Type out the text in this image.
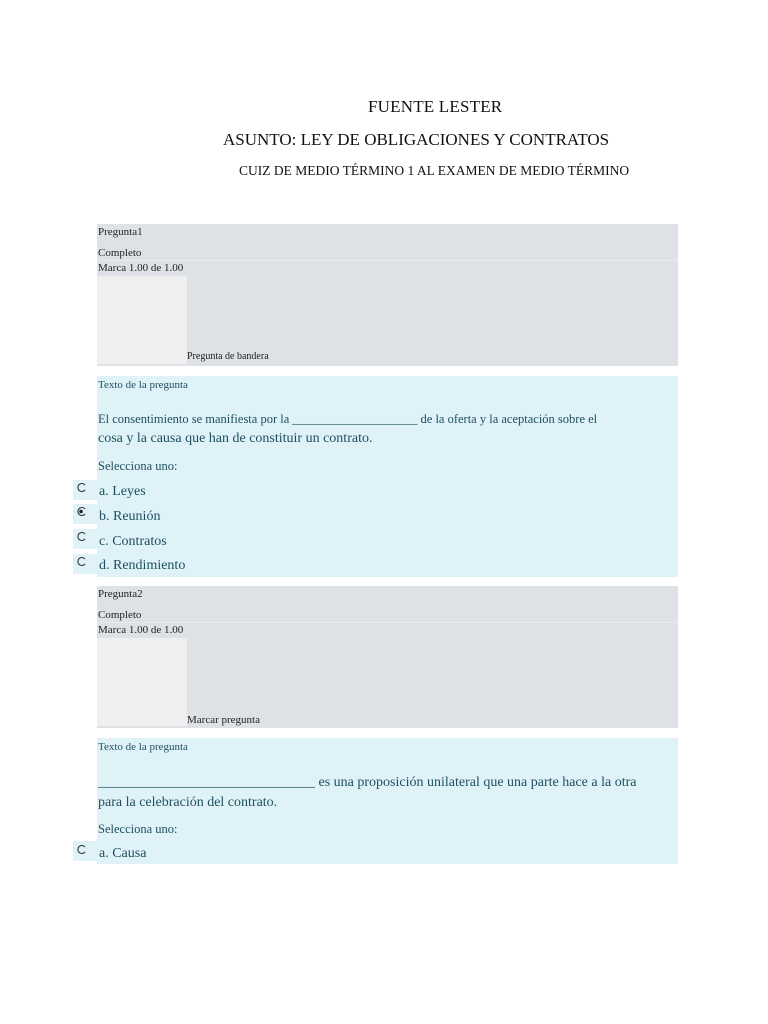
FUENTE LESTER
ASUNTO: LEY DE OBLIGACIONES Y CONTRATOS
CUIZ DE MEDIO TÉRMINO 1 AL EXAMEN DE MEDIO TÉRMINO
Pregunta1
Completo
Marca 1.00 de 1.00
Pregunta de bandera
Texto de la pregunta
El consentimiento se manifiesta por la ____________________ de la oferta y la aceptación sobre el
cosa y la causa que han de constituir un contrato.
Selecciona uno:
a. Leyes
b. Reunión
c. Contratos
d. Rendimiento
Pregunta2
Completo
Marca 1.00 de 1.00
Marcar pregunta
Texto de la pregunta
_______________________________ es una proposición unilateral que una parte hace a la otra
para la celebración del contrato.
Selecciona uno:
a. Causa
